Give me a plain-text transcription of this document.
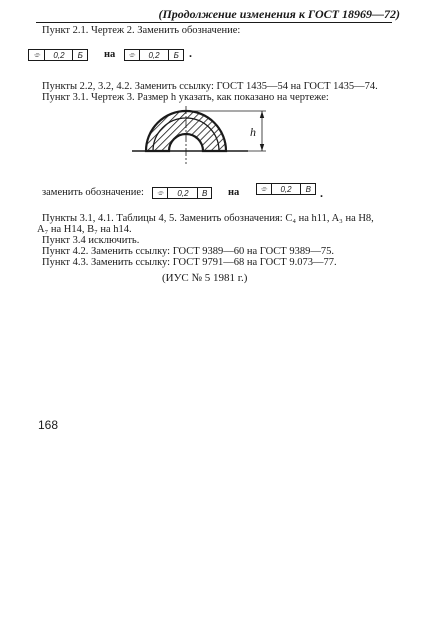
(Продолжение изменения к ГОСТ 18969—72)
Пункт 2.1. Чертеж 2. Заменить обозначение:
⌯	0,2	Б	на ⌯	0,2	Б .
Пункты 2.2, 3.2, 4.2. Заменить ссылку: ГОСТ 1435—54 на ГОСТ 1435—74.
Пункт 3.1. Чертеж 3. Размер h указать, как показано на чертеже:
h
заменить обозначение: ⌯	0,2	В	на	⌯	0,2	В .
Пункты 3.1, 4.1. Таблицы 4, 5. Заменить обозначения: C₄ на h11, A₃ на H8,
A₇ на H14, B₇ на h14.
Пункт 3.4 исключить.
Пункт 4.2. Заменить ссылку: ГОСТ 9389—60 на ГОСТ 9389—75.
Пункт 4.3. Заменить ссылку: ГОСТ 9791—68 на ГОСТ 9.073—77.
(ИУС № 5 1981 г.)
168
